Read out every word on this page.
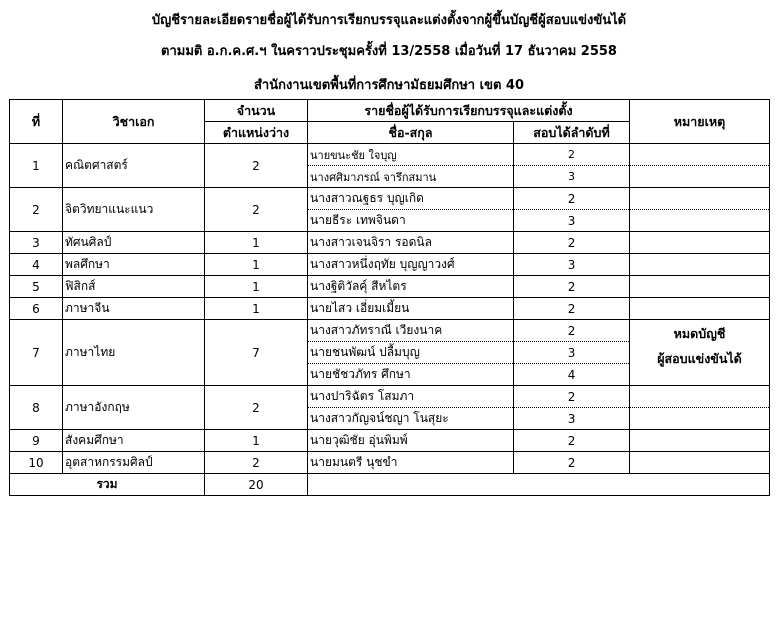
บัญชีรายละเอียดรายชื่อผู้ได้รับการเรียกบรรจุและแต่งตั้งจากผู้ขึ้นบัญชีผู้สอบแข่งขันได้
ตามมติ อ.ก.ค.ศ.ฯ ในคราวประชุมครั้งที่ 13/2558 เมื่อวันที่ 17 ธันวาคม 2558
สำนักงานเขตพื้นที่การศึกษามัธยมศึกษา เขต 40
ที่	วิชาเอก	จำนวน	รายชื่อผู้ได้รับการเรียกบรรจุและแต่งตั้ง		หมายเหตุ
		ตำแหน่งว่าง	ชื่อ-สกุล	สอบได้ลำดับที่	
1	คณิตศาสตร์	2	นายขนะชัย ใจบุญ	2	
			นางศศิมาภรณ์ จารึกสมาน	3	
2	จิตวิทยาแนะแนว	2	นางสาวณฐธร บุญเกิด	2	
			นายธีระ เทพจินดา	3	
3	ทัศนศิลป์	1	นางสาวเจนจิรา รอดนิล	2	
4	พลศึกษา	1	นางสาวหนึ่งฤทัย บุญญาวงศ์	3	
5	ฟิสิกส์	1	นางฐิติวัลคุ์ สีหไตร	2	
6	ภาษาจีน	1	นายไสว เอี่ยมเมี้ยน	2	
7	ภาษาไทย	7	นางสาวภัทราณี เวียงนาค	2	หมดบัญชี
ผู้สอบแข่งขันได้

			นายชนพัฒน์ ปลื้มบุญ	3	
			นายชัชวภัทร ศึกษา	4	
8	ภาษาอังกฤษ	2	นางปาริฉัตร โสมภา	2	
			นางสาวกัญจน์ชญา โนสุยะ	3	
9	สังคมศึกษา	1	นายวุฒิชัย อุ่นพิมพ์	2	
10	อุตสาหกรรมศิลป์	2	นายมนตรี นุชขำ	2	
รวม		20			
